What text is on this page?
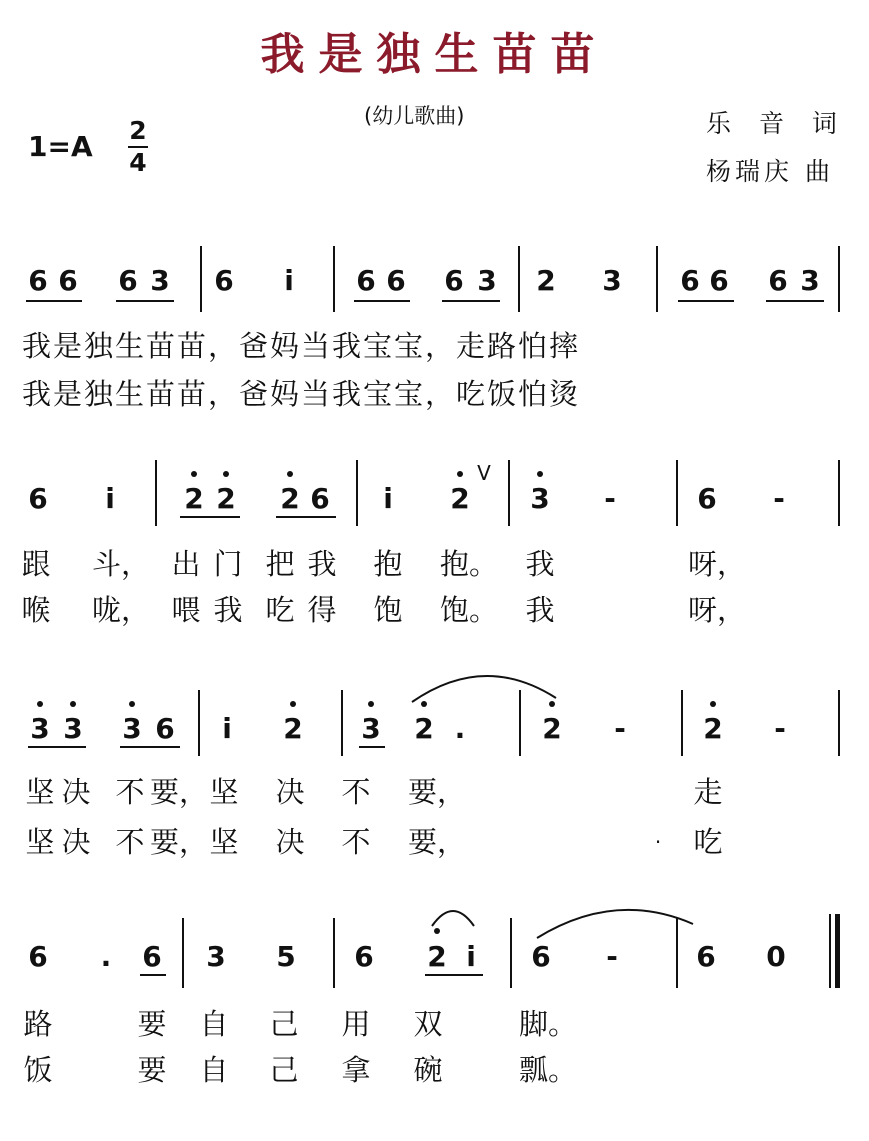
我是独生苗苗
(幼儿歌曲)	乐 音 词
杨瑞庆 曲
1=A 2
4
6 6 6 3 6	i	6 6 6 3 2 3 6 6 6 3
我是独生苗苗，爸妈当我宝宝，走路怕摔
我是独生苗苗，爸妈当我宝宝，吃饭怕烫
6	i	2 2 2 6	i	2
V
3 -	6 -
跟 斗， 出 门 把 我 抱 抱。 我	呀，
喉 咙， 喂 我 吃 得 饱 饱。 我	呀，
3 3 3 6	i	2 3 2 .	2 -	2 -
坚 决 不 要， 坚 决 不 要，	走
坚 决 不 要， 坚 决 不 要，	. 吃
6	.	6 3 5 6 2 i	6 -	6 0
路	要 自 己 用 双	脚。
饭	要 自 己 拿 碗	瓢。
